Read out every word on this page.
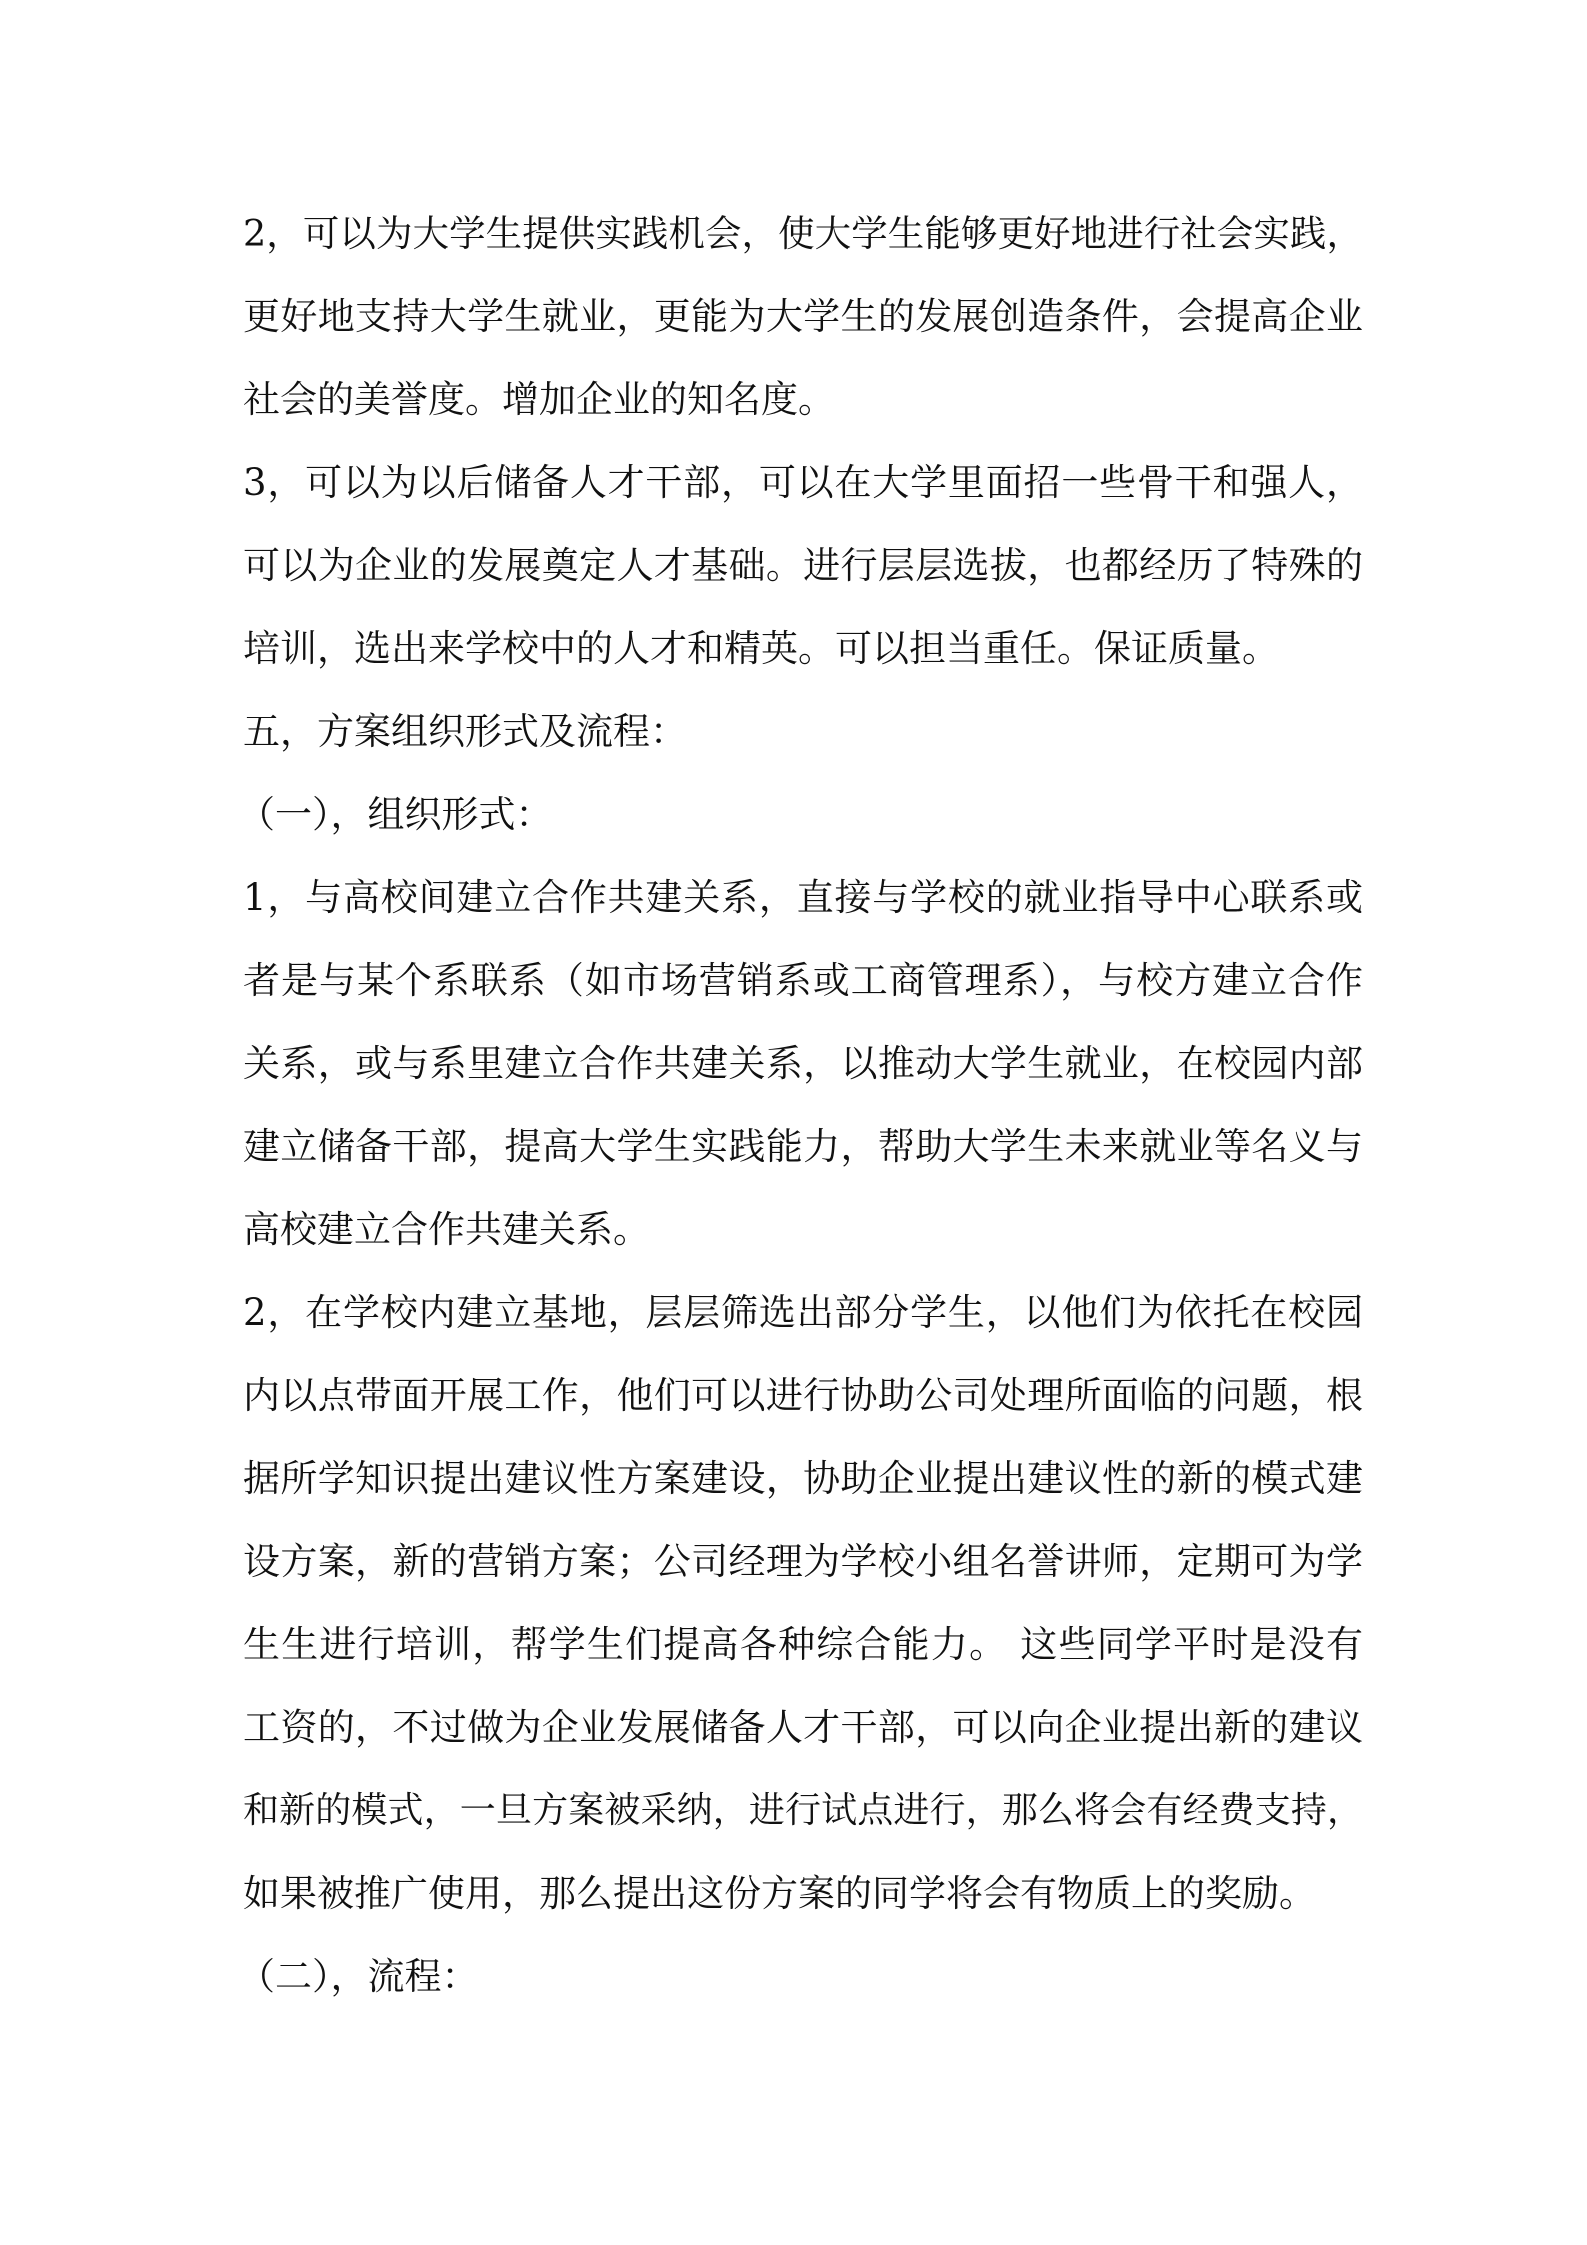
2，可以为大学生提供实践机会，使大学生能够更好地进行社会实践，
更好地支持大学生就业，更能为大学生的发展创造条件，会提高企业
社会的美誉度。增加企业的知名度。
3，可以为以后储备人才干部，可以在大学里面招一些骨干和强人，
可以为企业的发展奠定人才基础。进行层层选拔，也都经历了特殊的
培训，选出来学校中的人才和精英。可以担当重任。保证质量。
五，方案组织形式及流程：
（一），组织形式：
1，与高校间建立合作共建关系，直接与学校的就业指导中心联系或
者是与某个系联系（如市场营销系或工商管理系），与校方建立合作
关系，或与系里建立合作共建关系，以推动大学生就业，在校园内部
建立储备干部，提高大学生实践能力，帮助大学生未来就业等名义与
高校建立合作共建关系。
2，在学校内建立基地，层层筛选出部分学生，以他们为依托在校园
内以点带面开展工作，他们可以进行协助公司处理所面临的问题，根
据所学知识提出建议性方案建设，协助企业提出建议性的新的模式建
设方案，新的营销方案；公司经理为学校小组名誉讲师，定期可为学
生生进行培训，帮学生们提高各种综合能力。 这些同学平时是没有
工资的，不过做为企业发展储备人才干部，可以向企业提出新的建议
和新的模式，一旦方案被采纳，进行试点进行，那么将会有经费支持，
如果被推广使用，那么提出这份方案的同学将会有物质上的奖励。
（二），流程：
